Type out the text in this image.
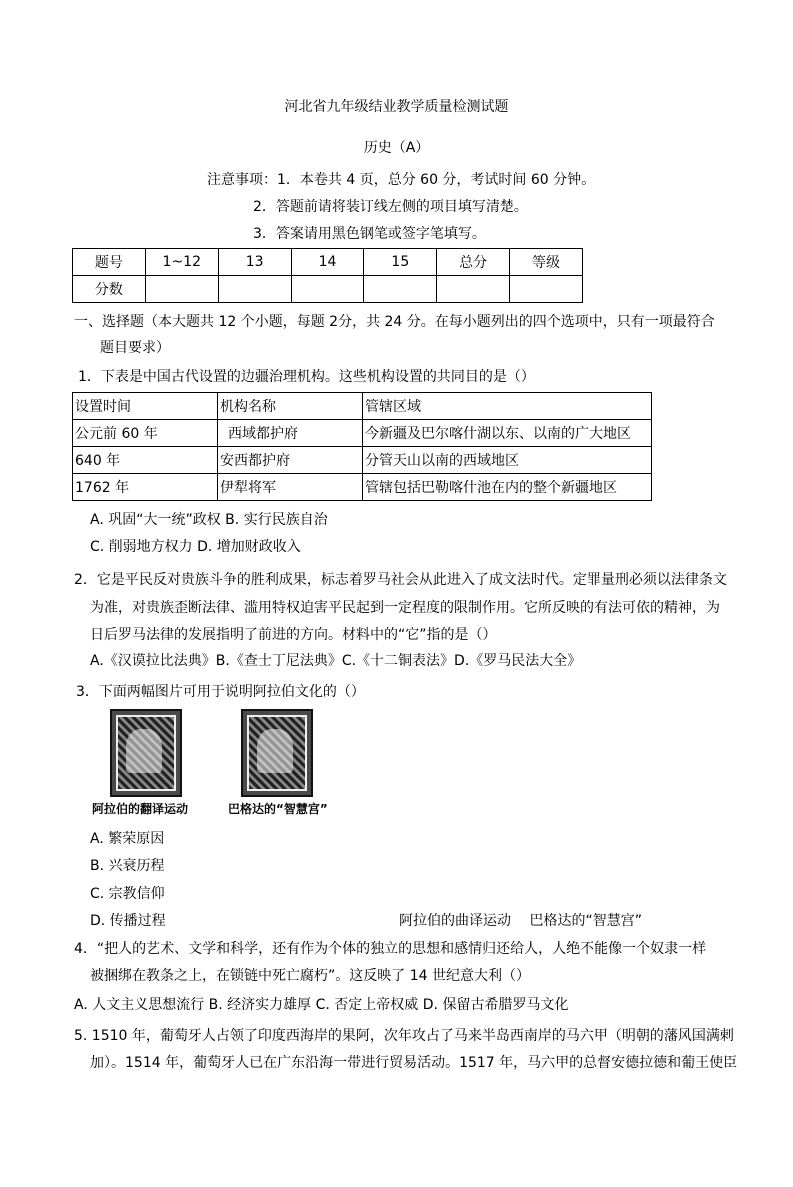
河北省九年级结业教学质量检测试题
历史（A）
注意事项：1．本卷共 4 页，总分 60 分，考试时间 60 分钟。
2．答题前请将装订线左侧的项目填写清楚。
3．答案请用黑色钢笔或签字笔填写。
题号	1~12	13	14	15	总分	等级
分数						
一、选择题（本大题共 12 个小题，每题 2分，共 24 分。在每小题列出的四个选项中，只有一项最符合
题目要求）
1．下表是中国古代设置的边疆治理机构。这些机构设置的共同目的是（）
设置时间	机构名称	管辖区域
公元前 60 年	西域都护府	今新疆及巴尔喀什湖以东、以南的广大地区
640 年	安西都护府	分管天山以南的西域地区
1762 年	伊犁将军	管辖包括巴勒喀什池在内的整个新疆地区
A. 巩固“大一统”政权 B. 实行民族自治
C. 削弱地方权力 D. 增加财政收入
2．它是平民反对贵族斗争的胜利成果，标志着罗马社会从此进入了成文法时代。定罪量刑必须以法律条文
为准，对贵族歪断法律、滥用特权迫害平民起到一定程度的限制作用。它所反映的有法可依的精神，为
日后罗马法律的发展指明了前进的方向。材料中的“它”指的是（）
A.《汉谟拉比法典》B.《查士丁尼法典》C.《十二铜表法》D.《罗马民法大全》
3．下面两幅图片可用于说明阿拉伯文化的（）
阿拉伯的翻译运动	巴格达的“智慧宫”
A. 繁荣原因
B. 兴衰历程
C. 宗教信仰
D. 传播过程	阿拉伯的曲译运动　 巴格达的“智慧宫”
4．“把人的艺术、文学和科学，还有作为个体的独立的思想和感情归还给人，人绝不能像一个奴隶一样
被捆绑在教条之上，在锁链中死亡腐朽”。这反映了 14 世纪意大利（）
A. 人文主义思想流行 B. 经济实力雄厚 C. 否定上帝权威 D. 保留古希腊罗马文化
5. 1510 年，葡萄牙人占领了印度西海岸的果阿，次年攻占了马来半岛西南岸的马六甲（明朝的藩风国满剌
加）。1514 年，葡萄牙人已在广东沿海一带进行贸易活动。1517 年，马六甲的总督安德拉德和葡王使臣
